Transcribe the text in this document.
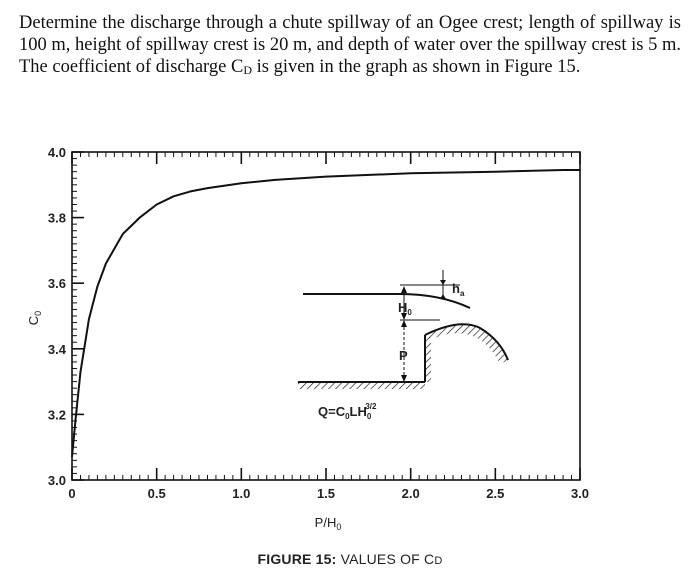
Determine the discharge through a chute spillway of an Ogee crest; length of spillway is 100 m, height of spillway crest is 20 m, and depth of water over the spillway crest is 5 m. The coefficient of discharge CD is given in the graph as shown in Figure 15.
0	0.5	1.0	1.5	2.0	2.5	3.0
3.0
3.2
3.4
3.6
3.8
4.0
$C_0$
$P/H_0$
$H_0$
P
$h_a$
$Q=C_0LH_03/2$
FIGURE 15: VALUES OF CD
